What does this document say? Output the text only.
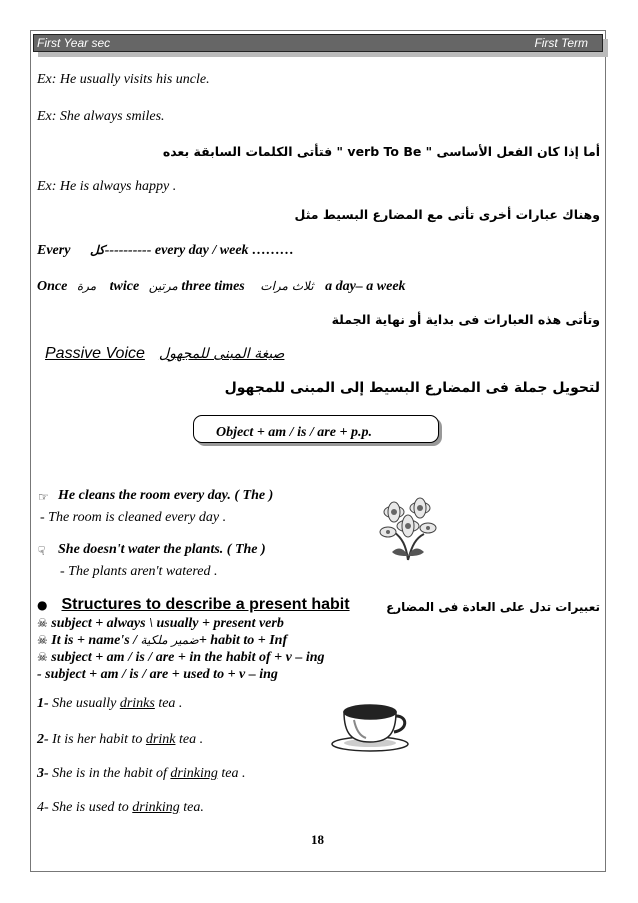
First Year sec	First Term
Ex: He usually visits his uncle.
Ex: She always smiles.
أما إذا كان الفعل الأساسى " verb To Be " فتأتى الكلمات السابقة بعده
Ex: He is always happy .
وهناك عبارات أخرى تأتى مع المضارع البسيط مثل
Every كل---------- every day / week ………
Once مرة twice مرتين three times ثلاث مرات a day– a week
وتأتى هذه العبارات فى بداية أو نهاية الجملة
Passive Voice صيغة المبنى للمجهول
لتحويل جملة فى المضارع البسيط إلى المبنى للمجهول
Object + am / is / are + p.p.
☞ He cleans the room every day. ( The )
- The room is cleaned every day .
☟ She doesn't water the plants. ( The )
- The plants aren't watered .
● Structures to describe a present habit	تعبيرات تدل على العادة فى المضارع
☠ subject + always \ usually + present verb
☠ It is + name's / ضمير ملكية+ habit to + Inf
☠ subject + am / is / are + in the habit of + v – ing
- subject + am / is / are + used to + v – ing
1- She usually drinks tea .
2- It is her habit to drink tea .
3- She is in the habit of drinking tea .
4- She is used to drinking tea.
18
